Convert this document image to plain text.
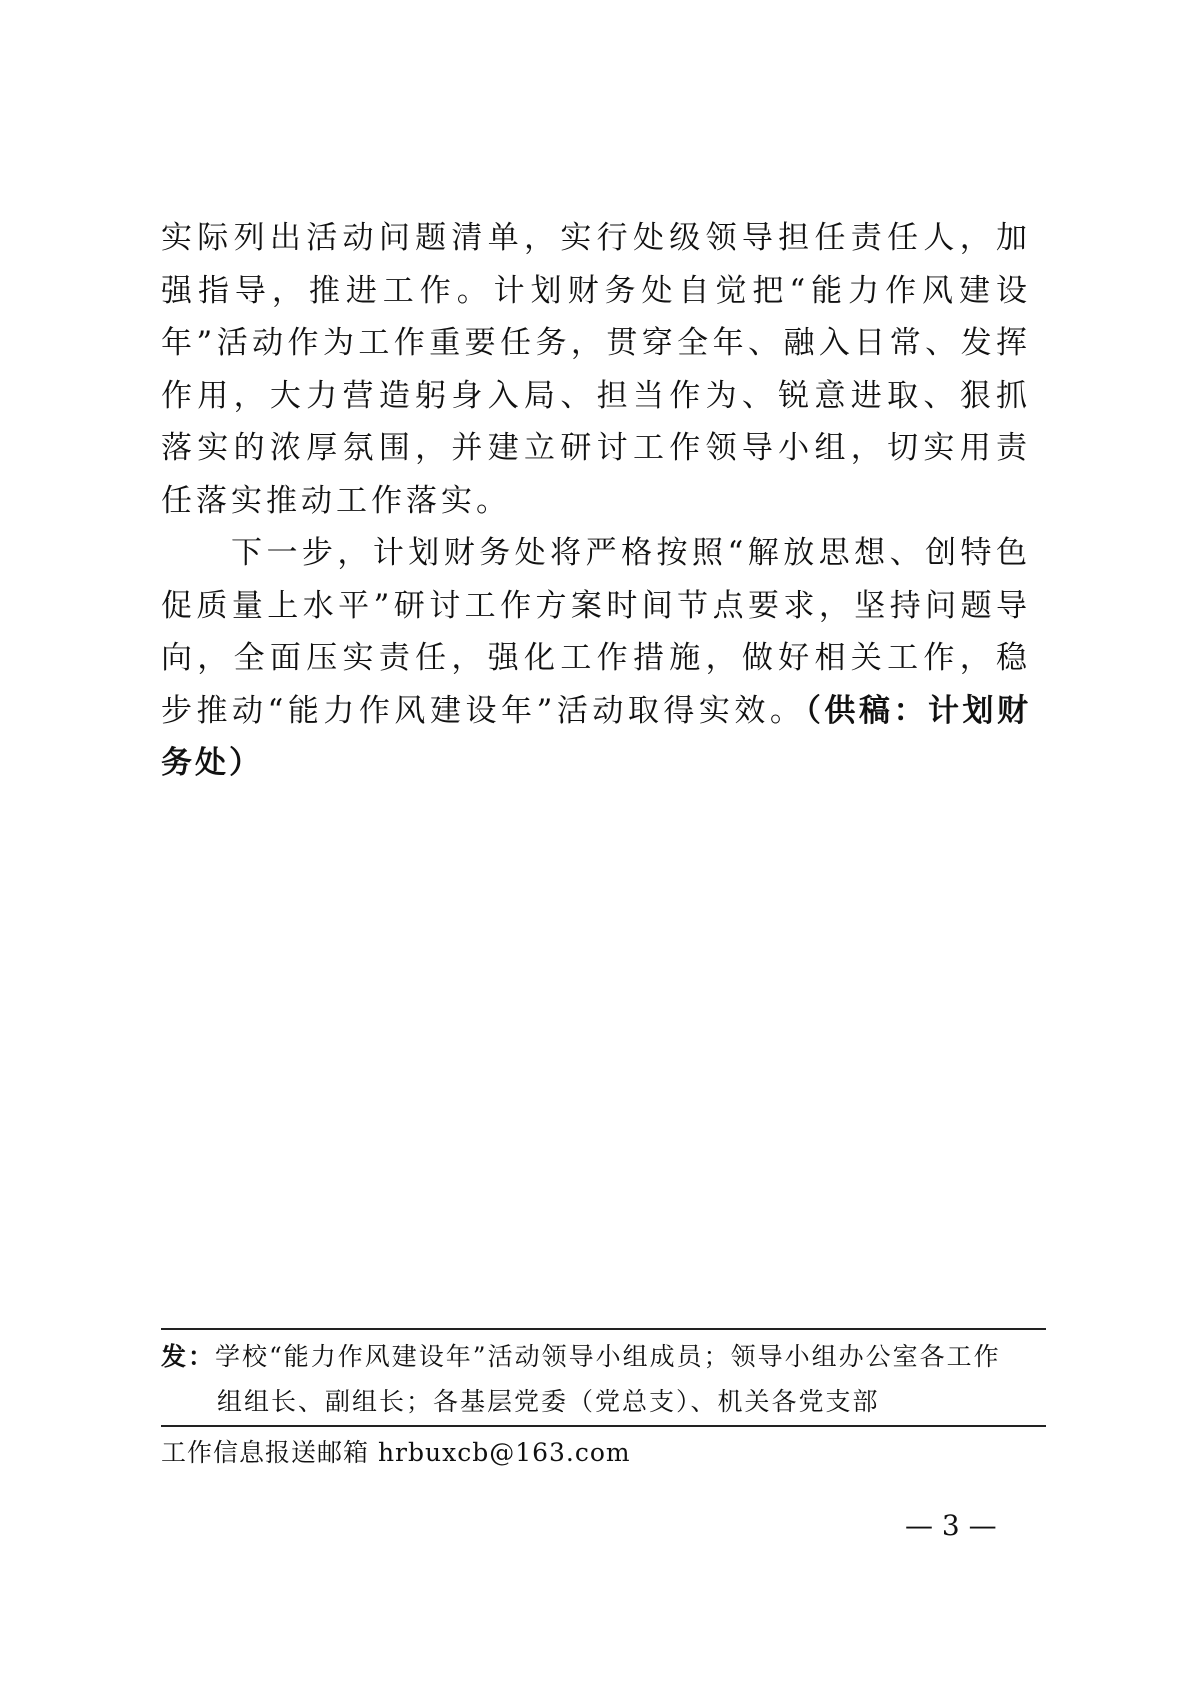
实际列出活动问题清单，实行处级领导担任责任人，加强指导，推进工作。计划财务处自觉把“能力作风建设年”活动作为工作重要任务，贯穿全年、融入日常、发挥作用，大力营造躬身入局、担当作为、锐意进取、狠抓落实的浓厚氛围，并建立研讨工作领导小组，切实用责任落实推动工作落实。

下一步，计划财务处将严格按照“解放思想、创特色促质量上水平”研讨工作方案时间节点要求，坚持问题导向，全面压实责任，强化工作措施，做好相关工作，稳步推动“能力作风建设年”活动取得实效。（供稿：计划财务处）

发：学校“能力作风建设年”活动领导小组成员；领导小组办公室各工作
组组长、副组长；各基层党委（党总支）、机关各党支部
工作信息报送邮箱 hrbuxcb@163.com
— 3 —
